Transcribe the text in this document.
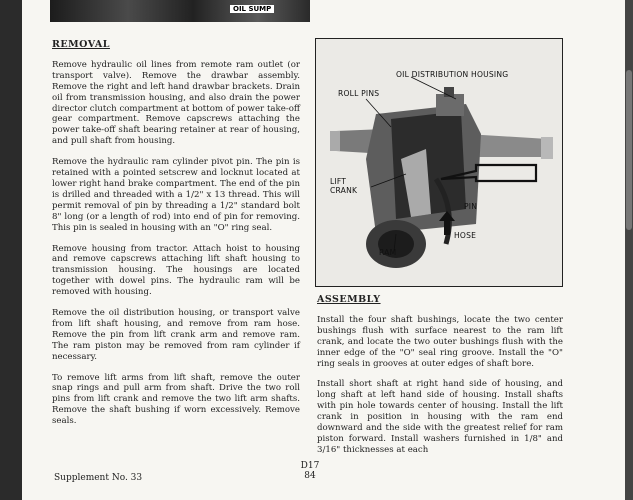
OIL SUMP
REMOVAL

Remove hydraulic oil lines from remote ram outlet (or transport valve). Remove the drawbar assembly. Remove the right and left hand drawbar brackets. Drain oil from transmission housing, and also drain the power director clutch compartment at bottom of power take-off gear compartment. Remove capscrews attaching the power take-off shaft bearing retainer at rear of housing, and pull shaft from housing.

Remove the hydraulic ram cylinder pivot pin. The pin is retained with a pointed setscrew and locknut located at lower right hand brake compartment. The end of the pin is drilled and threaded with a 1/2" x 13 thread. This will permit removal of pin by threading a 1/2" standard bolt 8" long (or a length of rod) into end of pin for removing. This pin is sealed in housing with an "O" ring seal.

Remove housing from tractor. Attach hoist to housing and remove capscrews attaching lift shaft housing to transmission housing. The housings are located together with dowel pins. The hydraulic ram will be removed with housing.

Remove the oil distribution housing, or transport valve from lift shaft housing, and remove from ram hose. Remove the pin from lift crank arm and remove ram. The ram piston may be removed from ram cylinder if necessary.

To remove lift arms from lift shaft, remove the outer snap rings and pull arm from shaft. Drive the two roll pins from lift crank and remove the two lift arm shafts. Remove the shaft bushing if worn excessively. Remove seals.

OIL DISTRIBUTION HOUSING
ROLL PINS
LIFT
CRANK
PIN
HOSE
RAM
ASSEMBLY

Install the four shaft bushings, locate the two center bushings flush with surface nearest to the ram lift crank, and locate the two outer bushings flush with the inner edge of the "O" seal ring groove. Install the "O" ring seals in grooves at outer edges of shaft bore.

Install short shaft at right hand side of housing, and long shaft at left hand side of housing. Install shafts with pin hole towards center of housing. Install the lift crank in position in housing with the ram end downward and the side with the greatest relief for ram piston forward. Install washers furnished in 1/8" and 3/16" thicknesses at each

Supplement No. 33
D17
84
